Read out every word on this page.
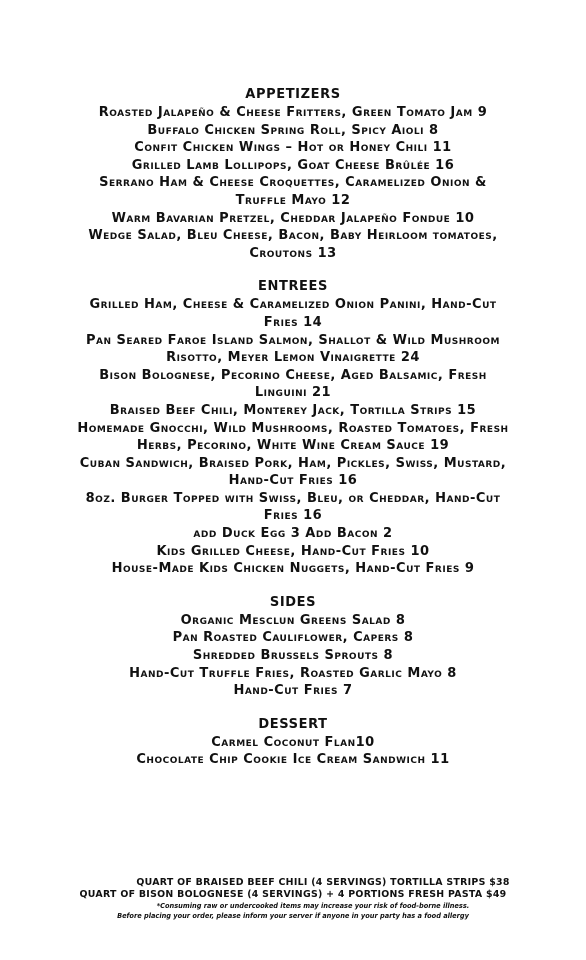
APPETIZERS

Roasted Jalapeño & Cheese Fritters, Green Tomato Jam 9

Buffalo Chicken Spring Roll, Spicy Aioli 8

Confit Chicken Wings – Hot or Honey Chili 11

Grilled Lamb Lollipops, Goat Cheese Brûlée 16

Serrano Ham & Cheese Croquettes, Caramelized Onion &

Truffle Mayo 12

Warm Bavarian Pretzel, Cheddar Jalapeño Fondue 10

Wedge Salad, Bleu Cheese, Bacon, Baby Heirloom tomatoes,

Croutons 13

ENTREES

Grilled Ham, Cheese & Caramelized Onion Panini, Hand-Cut

Fries 14

Pan Seared Faroe Island Salmon, Shallot & Wild Mushroom

Risotto, Meyer Lemon Vinaigrette 24

Bison Bolognese, Pecorino Cheese, Aged Balsamic, Fresh

Linguini 21

Braised Beef Chili, Monterey Jack, Tortilla Strips 15

Homemade Gnocchi, Wild Mushrooms, Roasted Tomatoes, Fresh

Herbs, Pecorino, White Wine Cream Sauce 19

Cuban Sandwich, Braised Pork, Ham, Pickles, Swiss, Mustard,

Hand-Cut Fries 16

8oz. Burger Topped with Swiss, Bleu, or Cheddar, Hand-Cut

Fries 16

add Duck Egg 3 Add Bacon 2

Kids Grilled Cheese, Hand-Cut Fries 10

House-Made Kids Chicken Nuggets, Hand-Cut Fries 9

SIDES

Organic Mesclun Greens Salad 8

Pan Roasted Cauliflower, Capers 8

Shredded Brussels Sprouts 8

Hand-Cut Truffle Fries, Roasted Garlic Mayo 8

Hand-Cut Fries 7

DESSERT

Carmel Coconut Flan10

Chocolate Chip Cookie Ice Cream Sandwich 11

QUART OF BRAISED BEEF CHILI (4 SERVINGS) TORTILLA STRIPS $38

QUART OF BISON BOLOGNESE (4 SERVINGS) + 4 PORTIONS FRESH PASTA $49

*Consuming raw or undercooked items may increase your risk of food-borne illness.

Before placing your order, please inform your server if anyone in your party has a food allergy
